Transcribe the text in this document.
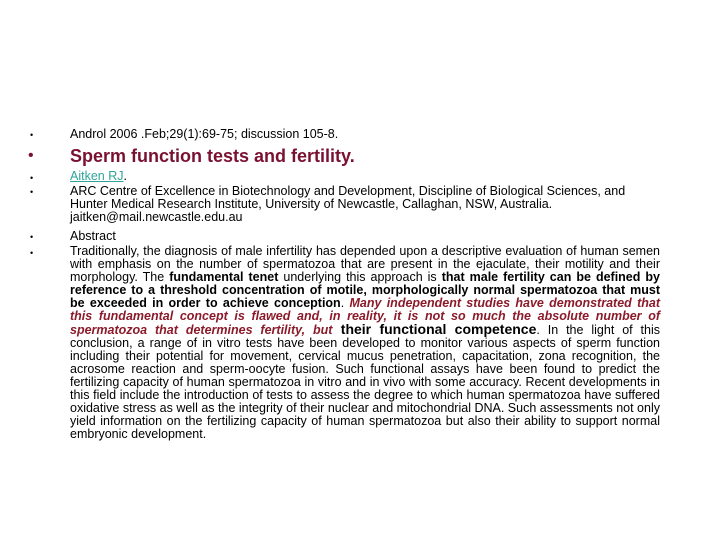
•	Androl 2006 .Feb;29(1):69-75; discussion 105-8.
• Sperm function tests and fertility.
•	Aitken RJ.
•	ARC Centre of Excellence in Biotechnology and Development, Discipline of Biological Sciences, and Hunter Medical Research Institute, University of Newcastle, Callaghan, NSW, Australia. jaitken@mail.newcastle.edu.au
•	Abstract
•	Traditionally, the diagnosis of male infertility has depended upon a descriptive evaluation of human semen with emphasis on the number of spermatozoa that are present in the ejaculate, their motility and their morphology. The fundamental tenet underlying this approach is that male fertility can be defined by reference to a threshold concentration of motile, morphologically normal spermatozoa that must be exceeded in order to achieve conception. Many independent studies have demonstrated that this fundamental concept is flawed and, in reality, it is not so much the absolute number of spermatozoa that determines fertility, but their functional competence. In the light of this conclusion, a range of in vitro tests have been developed to monitor various aspects of sperm function including their potential for movement, cervical mucus penetration, capacitation, zona recognition, the acrosome reaction and sperm-oocyte fusion. Such functional assays have been found to predict the fertilizing capacity of human spermatozoa in vitro and in vivo with some accuracy. Recent developments in this field include the introduction of tests to assess the degree to which human spermatozoa have suffered oxidative stress as well as the integrity of their nuclear and mitochondrial DNA. Such assessments not only yield information on the fertilizing capacity of human spermatozoa but also their ability to support normal embryonic development.
